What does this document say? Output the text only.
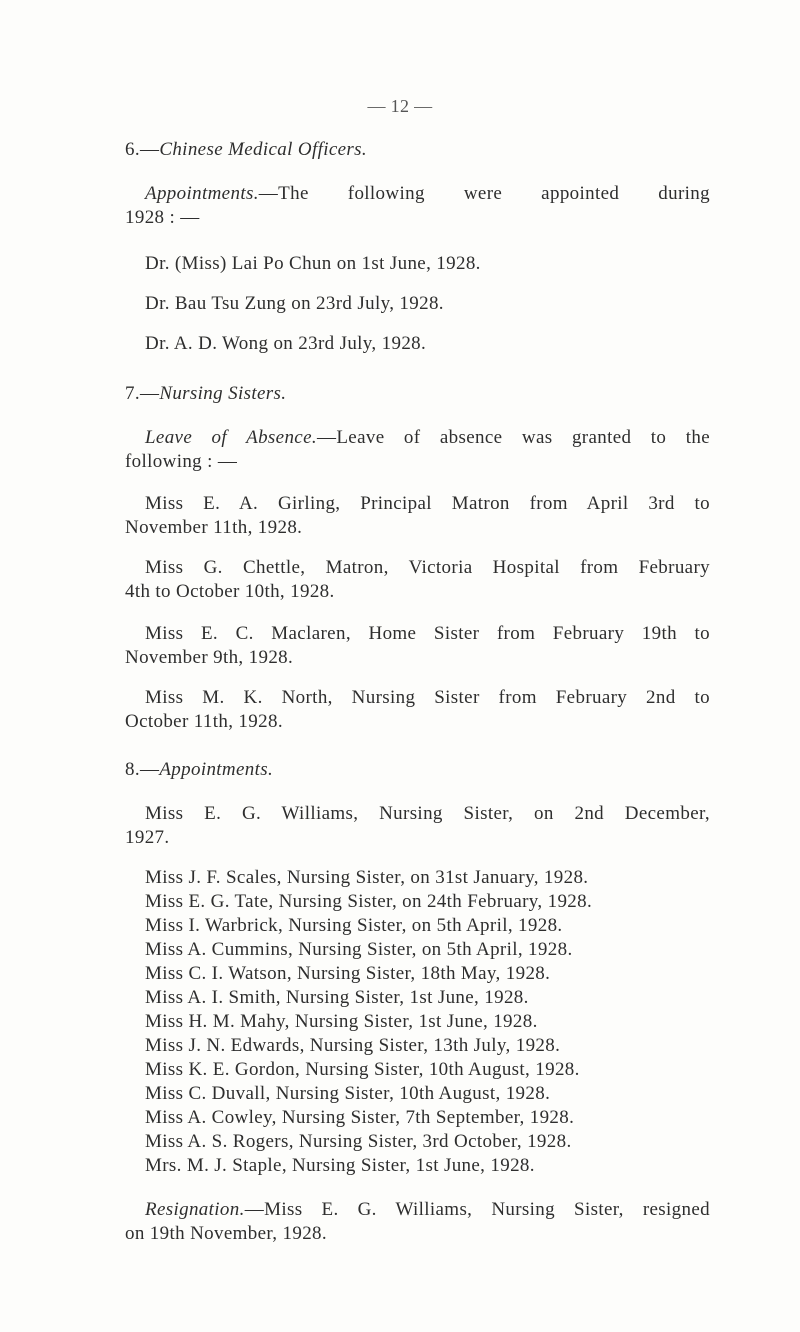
— 12 —
6.—Chinese Medical Officers.
Appointments.—The following were appointed during
1928 : —
Dr. (Miss) Lai Po Chun on 1st June, 1928.
Dr. Bau Tsu Zung on 23rd July, 1928.
Dr. A. D. Wong on 23rd July, 1928.
7.—Nursing Sisters.
Leave of Absence.—Leave of absence was granted to the
following : —
Miss E. A. Girling, Principal Matron from April 3rd to
November 11th, 1928.
Miss G. Chettle, Matron, Victoria Hospital from February
4th to October 10th, 1928.
Miss E. C. Maclaren, Home Sister from February 19th to
November 9th, 1928.
Miss M. K. North, Nursing Sister from February 2nd to
October 11th, 1928.
8.—Appointments.
Miss E. G. Williams, Nursing Sister, on 2nd December,
1927.
Miss J. F. Scales, Nursing Sister, on 31st January, 1928.
Miss E. G. Tate, Nursing Sister, on 24th February, 1928.
Miss I. Warbrick, Nursing Sister, on 5th April, 1928.
Miss A. Cummins, Nursing Sister, on 5th April, 1928.
Miss C. I. Watson, Nursing Sister, 18th May, 1928.
Miss A. I. Smith, Nursing Sister, 1st June, 1928.
Miss H. M. Mahy, Nursing Sister, 1st June, 1928.
Miss J. N. Edwards, Nursing Sister, 13th July, 1928.
Miss K. E. Gordon, Nursing Sister, 10th August, 1928.
Miss C. Duvall, Nursing Sister, 10th August, 1928.
Miss A. Cowley, Nursing Sister, 7th September, 1928.
Miss A. S. Rogers, Nursing Sister, 3rd October, 1928.
Mrs. M. J. Staple, Nursing Sister, 1st June, 1928.
Resignation.—Miss E. G. Williams, Nursing Sister, resigned
on 19th November, 1928.
